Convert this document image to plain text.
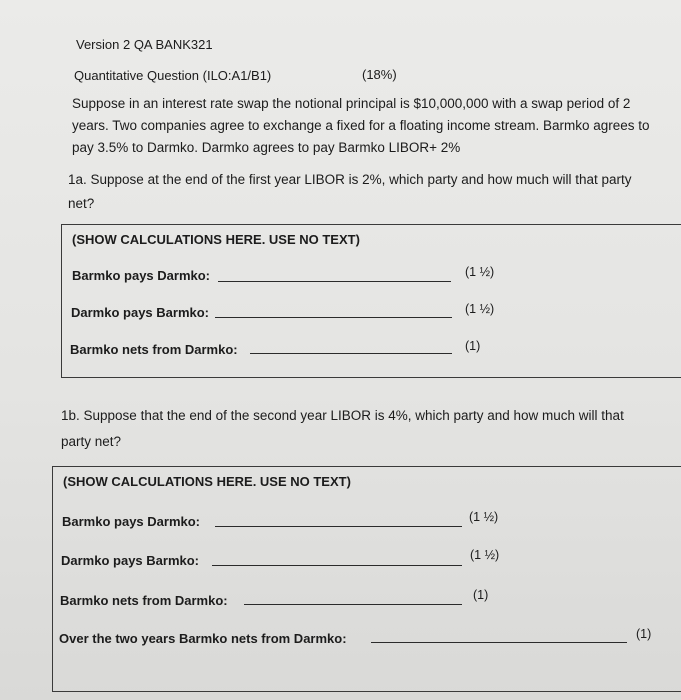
Version 2 QA BANK321
Quantitative Question (ILO:A1/B1)	(18%)
Suppose in an interest rate swap the notional principal is $10,000,000 with a swap period of 2
years. Two companies agree to exchange a fixed for a floating income stream. Barmko agrees to
pay 3.5% to Darmko. Darmko agrees to pay Barmko LIBOR+ 2%
1a. Suppose at the end of the first year LIBOR is 2%, which party and how much will that party
net?
(SHOW CALCULATIONS HERE. USE NO TEXT)
Barmko pays Darmko:	(1 ½)
Darmko pays Barmko:	(1 ½)
Barmko nets from Darmko:	(1)
1b. Suppose that the end of the second year LIBOR is 4%, which party and how much will that
party net?
(SHOW CALCULATIONS HERE. USE NO TEXT)
Barmko pays Darmko:	(1 ½)
Darmko pays Barmko:	(1 ½)
Barmko nets from Darmko:	(1)
Over the two years Barmko nets from Darmko:	(1)
